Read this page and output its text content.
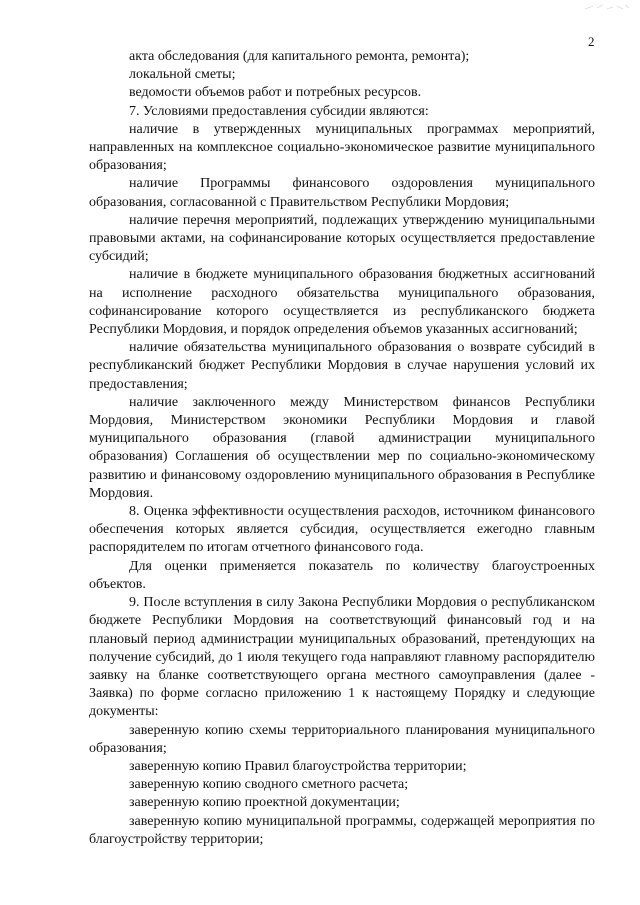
2

акта обследования (для капитального ремонта, ремонта);

локальной сметы;

ведомости объемов работ и потребных ресурсов.

7. Условиями предоставления субсидии являются:

наличие в утвержденных муниципальных программах мероприятий, направленных на комплексное социально-экономическое развитие муниципального образования;

наличие Программы финансового оздоровления муниципального образования, согласованной с Правительством Республики Мордовия;

наличие перечня мероприятий, подлежащих утверждению муниципальными правовыми актами, на софинансирование которых осуществляется предоставление субсидий;

наличие в бюджете муниципального образования бюджетных ассигнований на исполнение расходного обязательства муниципального образования, софинансирование которого осуществляется из республиканского бюджета Республики Мордовия, и порядок определения объемов указанных ассигнований;

наличие обязательства муниципального образования о возврате субсидий в республиканский бюджет Республики Мордовия в случае нарушения условий их предоставления;

наличие заключенного между Министерством финансов Республики Мордовия, Министерством экономики Республики Мордовия и главой муниципального образования (главой администрации муниципального образования) Соглашения об осуществлении мер по социально-экономическому развитию и финансовому оздоровлению муниципального образования в Республике Мордовия.

8. Оценка эффективности осуществления расходов, источником финансового обеспечения которых является субсидия, осуществляется ежегодно главным распорядителем по итогам отчетного финансового года.

Для оценки применяется показатель по количеству благоустроенных объектов.

9. После вступления в силу Закона Республики Мордовия о республиканском бюджете Республики Мордовия на соответствующий финансовый год и на плановый период администрации муниципальных образований, претендующих на получение субсидий, до 1 июля текущего года направляют главному распорядителю заявку на бланке соответствующего органа местного самоуправления (далее - Заявка) по форме согласно приложению 1 к настоящему Порядку и следующие документы:

заверенную копию схемы территориального планирования муниципального образования;

заверенную копию Правил благоустройства территории;

заверенную копию сводного сметного расчета;

заверенную копию проектной документации;

заверенную копию муниципальной программы, содержащей мероприятия по благоустройству территории;
